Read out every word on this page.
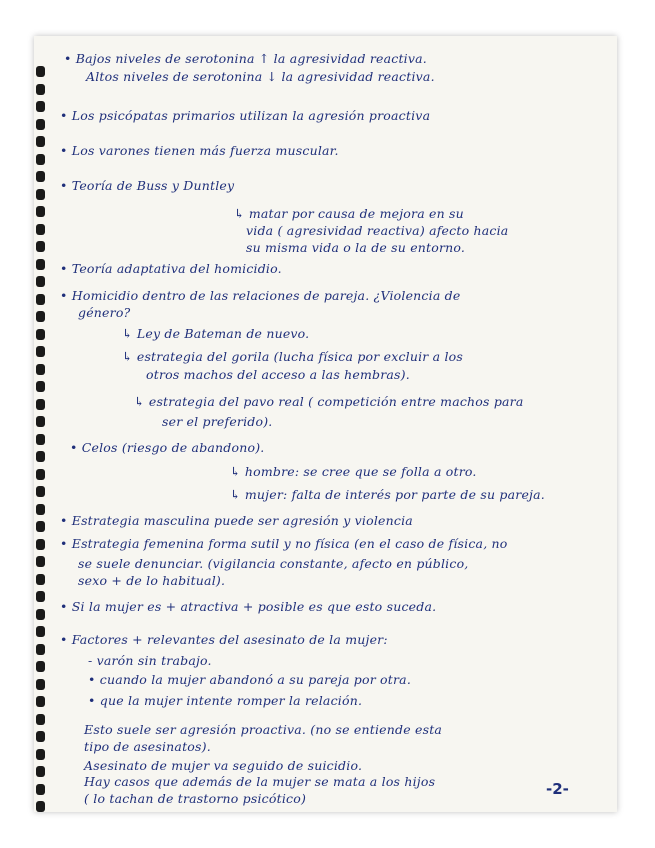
• Bajos niveles de serotonina ↑ la agresividad reactiva.
Altos niveles de serotonina ↓ la agresividad reactiva.
• Los psicópatas primarios utilizan la agresión proactiva
• Los varones tienen más fuerza muscular.
• Teoría de Buss y Duntley
↳ matar por causa de mejora en su
vida ( agresividad reactiva) afecto hacia
su misma vida o la de su entorno.
• Teoría adaptativa del homicidio.
• Homicidio dentro de las relaciones de pareja. ¿Violencia de
género?
↳ Ley de Bateman de nuevo.
↳ estrategia del gorila (lucha física por excluir a los
otros machos del acceso a las hembras).
↳ estrategia del pavo real ( competición entre machos para
ser el preferido).
• Celos (riesgo de abandono).
↳ hombre: se cree que se folla a otro.
↳ mujer: falta de interés por parte de su pareja.
• Estrategia masculina puede ser agresión y violencia
• Estrategia femenina forma sutil y no física (en el caso de física, no
se suele denunciar. (vigilancia constante, afecto en público,
sexo + de lo habitual).
• Si la mujer es + atractiva + posible es que esto suceda.
• Factores + relevantes del asesinato de la mujer:
- varón sin trabajo.
• cuando la mujer abandonó a su pareja por otra.
• que la mujer intente romper la relación.
Esto suele ser agresión proactiva. (no se entiende esta
tipo de asesinatos).
Asesinato de mujer va seguido de suicidio.
Hay casos que además de la mujer se mata a los hijos
( lo tachan de trastorno psicótico)
-2-
